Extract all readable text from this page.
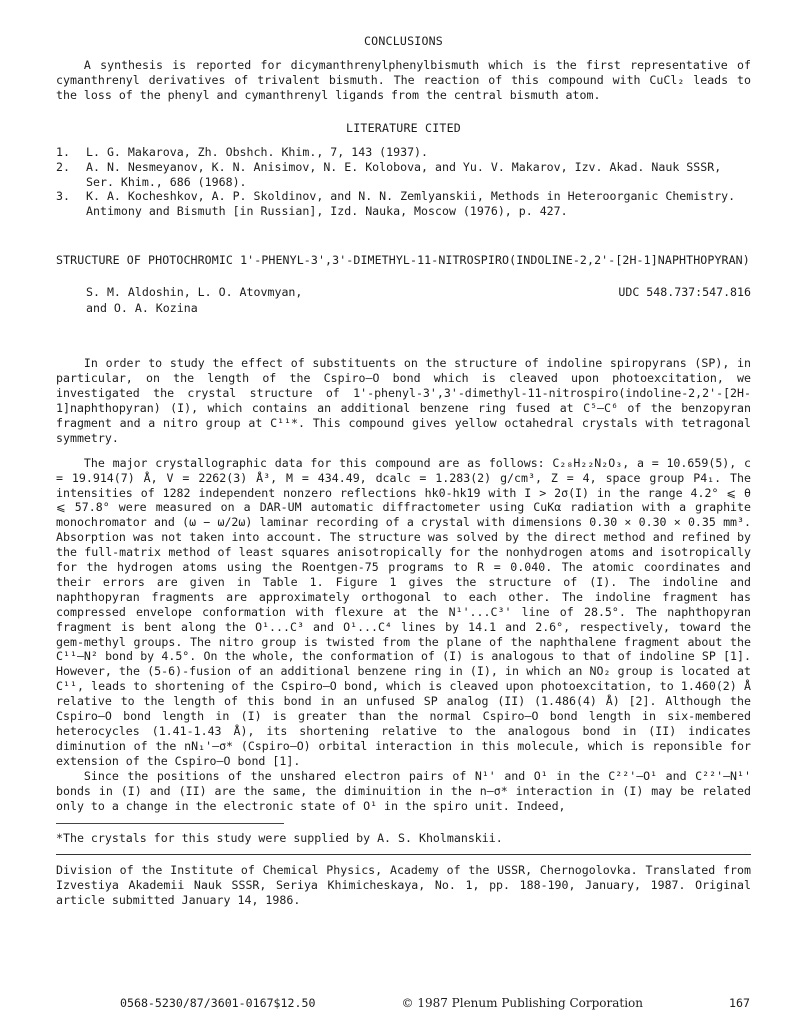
CONCLUSIONS

A synthesis is reported for dicymanthrenylphenylbismuth which is the first representative of cymanthrenyl derivatives of trivalent bismuth. The reaction of this compound with CuCl₂ leads to the loss of the phenyl and cymanthrenyl ligands from the central bismuth atom.

LITERATURE CITED
1.	L. G. Makarova, Zh. Obshch. Khim., 7, 143 (1937).
2.	A. N. Nesmeyanov, K. N. Anisimov, N. E. Kolobova, and Yu. V. Makarov, Izv. Akad. Nauk SSSR, Ser. Khim., 686 (1968).
3.	K. A. Kocheshkov, A. P. Skoldinov, and N. N. Zemlyanskii, Methods in Heteroorganic Chemistry. Antimony and Bismuth [in Russian], Izd. Nauka, Moscow (1976), p. 427.
STRUCTURE OF PHOTOCHROMIC 1'-PHENYL-3',3'-DIMETHYL-11-NITROSPIRO(INDOLINE-2,2'-[2H-1]NAPHTHOPYRAN)
S. M. Aldoshin, L. O. Atovmyan,
and O. A. Kozina
UDC 548.737:547.816

In order to study the effect of substituents on the structure of indoline spiropyrans (SP), in particular, on the length of the Cspiro–O bond which is cleaved upon photoexcitation, we investigated the crystal structure of 1'-phenyl-3',3'-dimethyl-11-nitrospiro(indoline-2,2'-[2H-1]naphthopyran) (I), which contains an additional benzene ring fused at C⁵–C⁶ of the benzopyran fragment and a nitro group at C¹¹*. This compound gives yellow octahedral crystals with tetragonal symmetry.

The major crystallographic data for this compound are as follows: C₂₈H₂₂N₂O₃, a = 10.659(5), c = 19.914(7) Å, V = 2262(3) Å³, M = 434.49, dcalc = 1.283(2) g/cm³, Z = 4, space group P4₁. The intensities of 1282 independent nonzero reflections hk0-hk19 with I > 2σ(I) in the range 4.2° ⩽ θ ⩽ 57.8° were measured on a DAR-UM automatic diffractometer using CuKα radiation with a graphite monochromator and (ω − ω/2ω) laminar recording of a crystal with dimensions 0.30 × 0.30 × 0.35 mm³. Absorption was not taken into account. The structure was solved by the direct method and refined by the full-matrix method of least squares anisotropically for the nonhydrogen atoms and isotropically for the hydrogen atoms using the Roentgen-75 programs to R = 0.040. The atomic coordinates and their errors are given in Table 1. Figure 1 gives the structure of (I). The indoline and naphthopyran fragments are approximately orthogonal to each other. The indoline fragment has compressed envelope conformation with flexure at the N¹'...C³' line of 28.5°. The naphthopyran fragment is bent along the O¹...C³ and O¹...C⁴ lines by 14.1 and 2.6°, respectively, toward the gem-methyl groups. The nitro group is twisted from the plane of the naphthalene fragment about the C¹¹–N² bond by 4.5°. On the whole, the conformation of (I) is analogous to that of indoline SP [1]. However, the (5-6)-fusion of an additional benzene ring in (I), in which an NO₂ group is located at C¹¹, leads to shortening of the Cspiro–O bond, which is cleaved upon photoexcitation, to 1.460(2) Å relative to the length of this bond in an unfused SP analog (II) (1.486(4) Å) [2]. Although the Cspiro–O bond length in (I) is greater than the normal Cspiro–O bond length in six-membered heterocycles (1.41-1.43 Å), its shortening relative to the analogous bond in (II) indicates diminution of the nN₁'–σ* (Cspiro–O) orbital interaction in this molecule, which is reponsible for extension of the Cspiro–O bond [1].

Since the positions of the unshared electron pairs of N¹' and O¹ in the C²²'–O¹ and C²²'–N¹' bonds in (I) and (II) are the same, the diminuition in the n–σ* interaction in (I) may be related only to a change in the electronic state of O¹ in the spiro unit. Indeed,

*The crystals for this study were supplied by A. S. Kholmanskii.

Division of the Institute of Chemical Physics, Academy of the USSR, Chernogolovka. Translated from Izvestiya Akademii Nauk SSSR, Seriya Khimicheskaya, No. 1, pp. 188-190, January, 1987. Original article submitted January 14, 1986.

0568-5230/87/3601-0167$12.50	© 1987 Plenum Publishing Corporation	167
